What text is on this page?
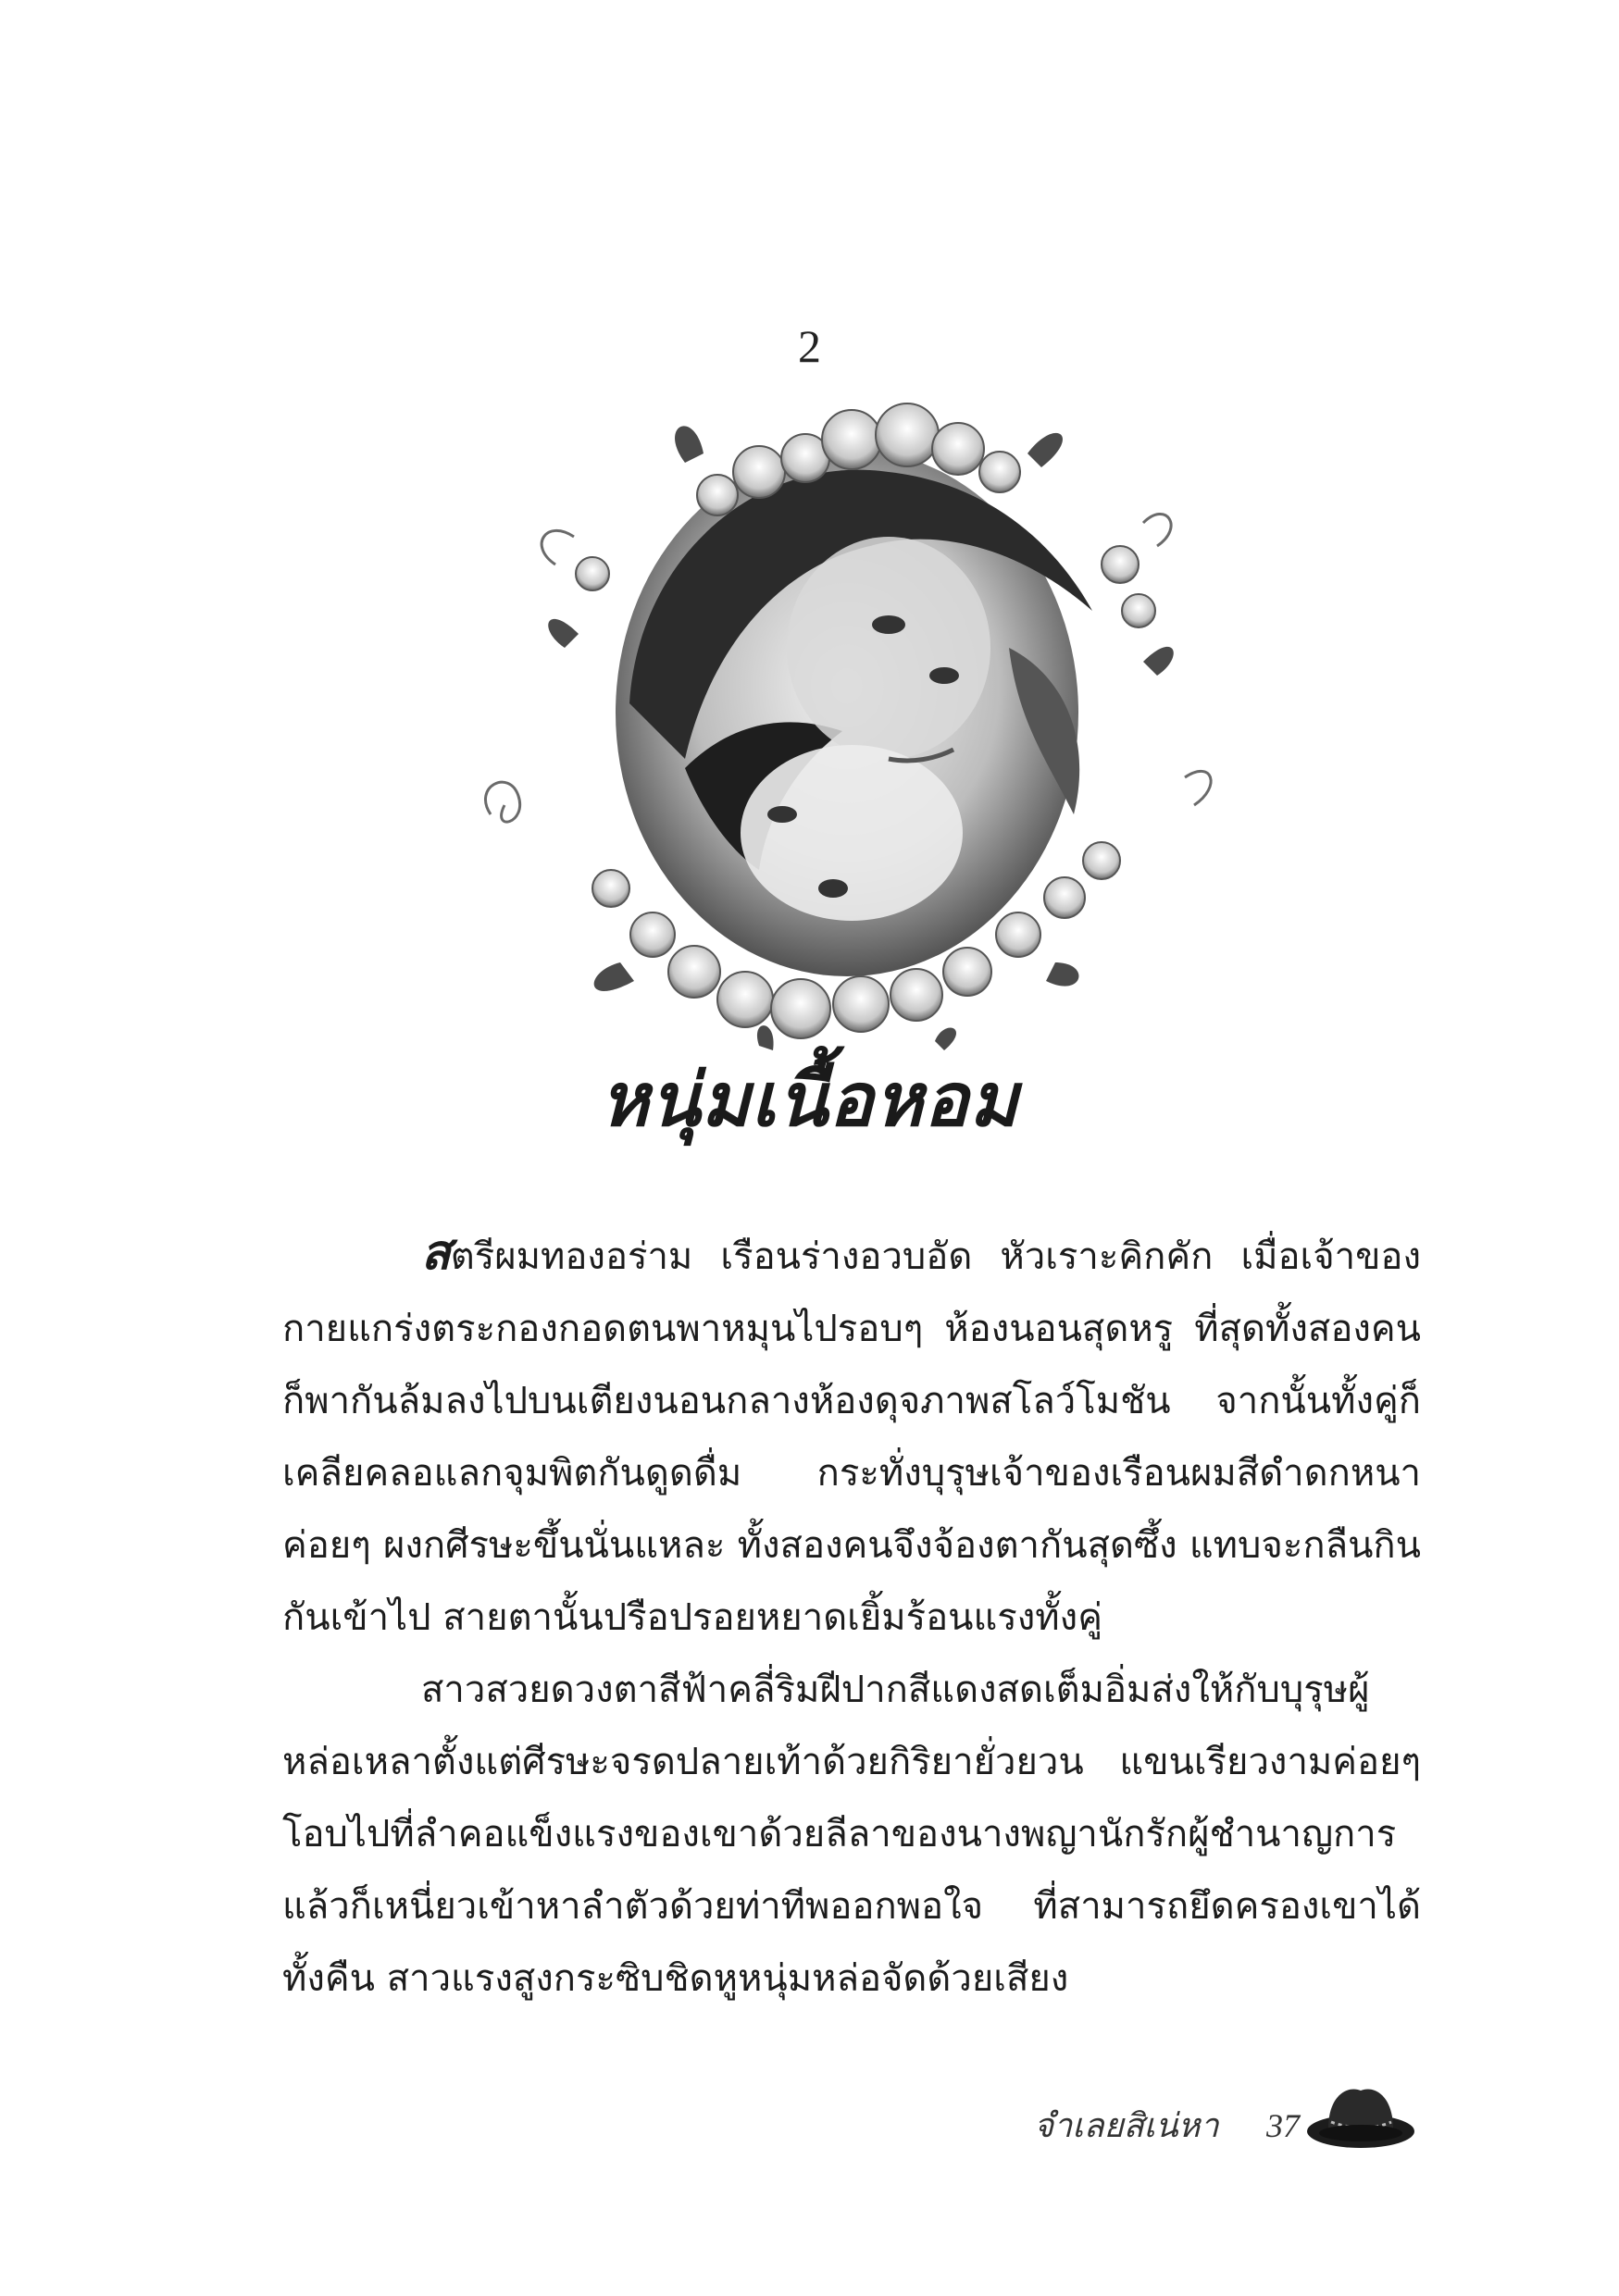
2
หนุ่มเนื้อหอม

สตรีผมทองอร่าม เรือนร่างอวบอัด หัวเราะคิกคัก เมื่อเจ้าของกายแกร่งตระกองกอดตนพาหมุนไปรอบๆ ห้องนอนสุดหรู ที่สุดทั้งสองคนก็พากันล้มลงไปบนเตียงนอนกลางห้องดุจภาพสโลว์โมชัน จากนั้นทั้งคู่ก็เคลียคลอแลกจุมพิตกันดูดดื่ม กระทั่งบุรุษเจ้าของเรือนผมสีดำดกหนาค่อยๆ ผงกศีรษะขึ้นนั่นแหละ ทั้งสองคนจึงจ้องตากันสุดซึ้ง แทบจะกลืนกินกันเข้าไป สายตานั้นปรือปรอยหยาดเยิ้มร้อนแรงทั้งคู่

สาวสวยดวงตาสีฟ้าคลี่ริมฝีปากสีแดงสดเต็มอิ่มส่งให้กับบุรุษผู้หล่อเหลาตั้งแต่ศีรษะจรดปลายเท้าด้วยกิริยายั่วยวน แขนเรียวงามค่อยๆ โอบไปที่ลำคอแข็งแรงของเขาด้วยลีลาของนางพญานักรักผู้ชำนาญการ แล้วก็เหนี่ยวเข้าหาลำตัวด้วยท่าทีพออกพอใจ ที่สามารถยึดครองเขาได้ทั้งคืน สาวแรงสูงกระซิบชิดหูหนุ่มหล่อจัดด้วยเสียง

จำเลยสิเน่หา 37
